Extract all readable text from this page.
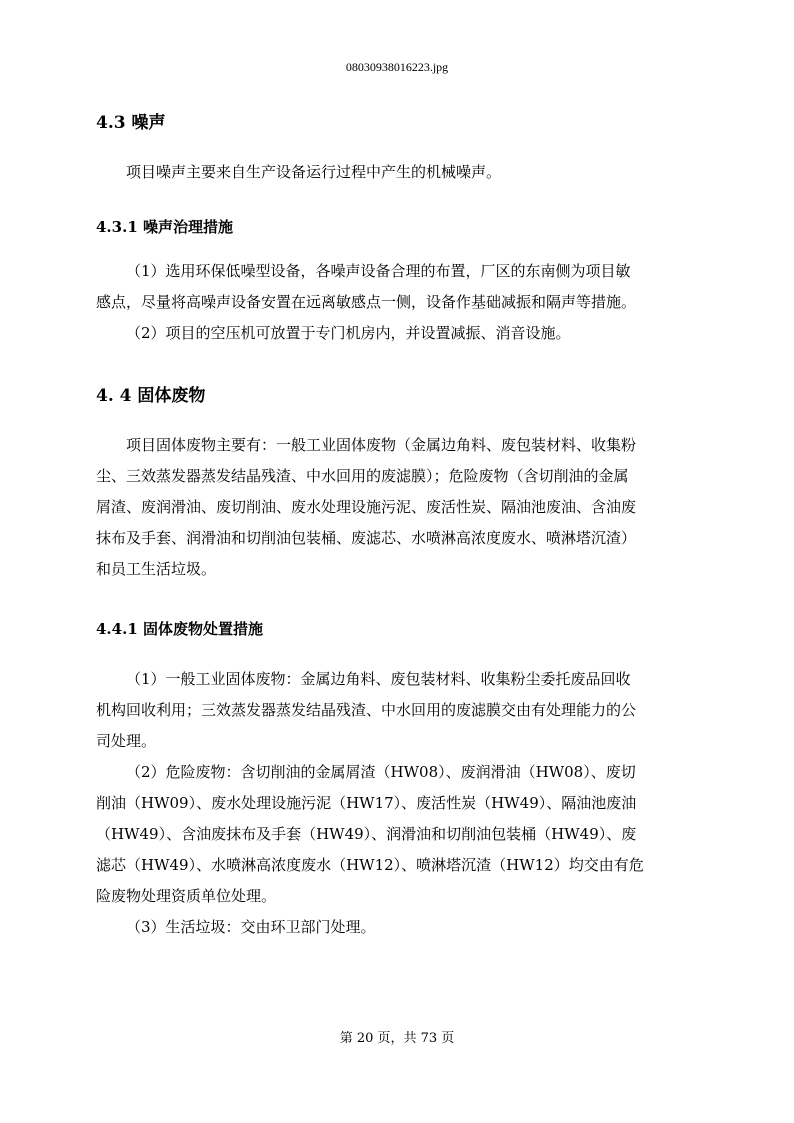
08030938016223.jpg
4.3 噪声
项目噪声主要来自生产设备运行过程中产生的机械噪声。
4.3.1 噪声治理措施
（1）选用环保低噪型设备，各噪声设备合理的布置，厂区的东南侧为项目敏
感点，尽量将高噪声设备安置在远离敏感点一侧，设备作基础减振和隔声等措施。
（2）项目的空压机可放置于专门机房内，并设置减振、消音设施。
4. 4 固体废物
项目固体废物主要有：一般工业固体废物（金属边角料、废包装材料、收集粉
尘、三效蒸发器蒸发结晶残渣、中水回用的废滤膜）；危险废物（含切削油的金属
屑渣、废润滑油、废切削油、废水处理设施污泥、废活性炭、隔油池废油、含油废
抹布及手套、润滑油和切削油包装桶、废滤芯、水喷淋高浓度废水、喷淋塔沉渣）
和员工生活垃圾。
4.4.1 固体废物处置措施
（1）一般工业固体废物：金属边角料、废包装材料、收集粉尘委托废品回收
机构回收利用；三效蒸发器蒸发结晶残渣、中水回用的废滤膜交由有处理能力的公
司处理。
（2）危险废物：含切削油的金属屑渣（HW08）、废润滑油（HW08）、废切
削油（HW09）、废水处理设施污泥（HW17）、废活性炭（HW49）、隔油池废油
（HW49）、含油废抹布及手套（HW49）、润滑油和切削油包装桶（HW49）、废
滤芯（HW49）、水喷淋高浓度废水（HW12）、喷淋塔沉渣（HW12）均交由有危
险废物处理资质单位处理。
（3）生活垃圾：交由环卫部门处理。
第 20 页，共 73 页
